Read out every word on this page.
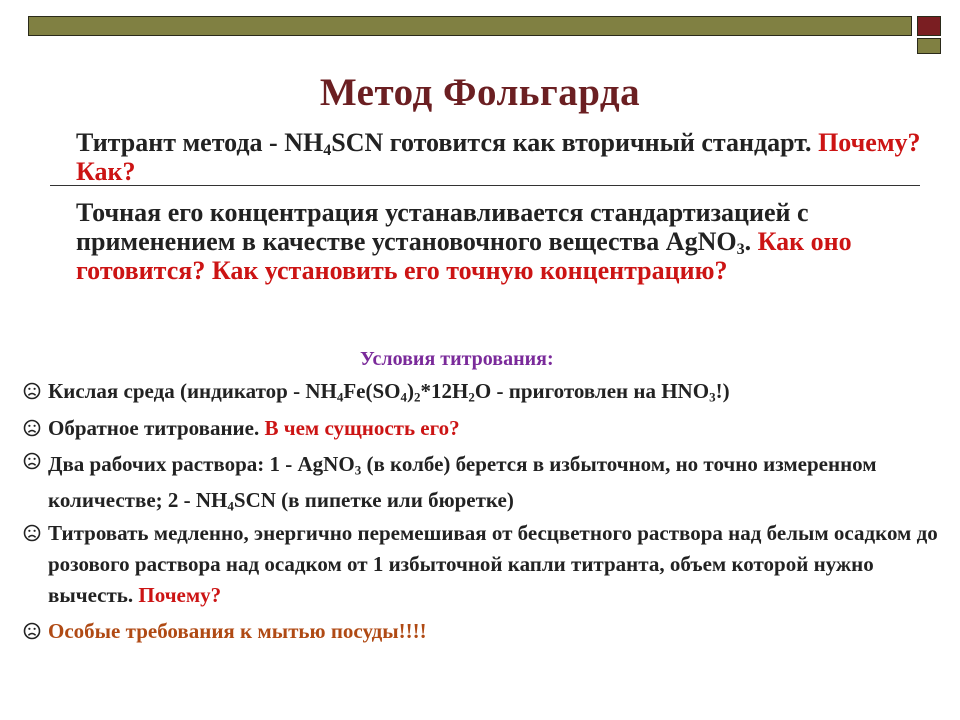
Метод Фольгарда

Титрант метода - $NH_4SCN$ готовится как вторичный стандарт. Почему? Как?

Точная его концентрация устанавливается стандартизацией с применением в качестве установочного вещества AgNO$_3$. Как оно готовится? Как установить его точную концентрацию?

Условия титрования:
Кислая среда (индикатор - $NH_4Fe(SO_4)_2*12H_2O$ - приготовлен на $HNO_3$!)
Обратное титрование. В чем сущность его?
Два рабочих раствора: 1 - AgNO$_3$ (в колбе) берется в избыточном, но точно измеренном количестве; $2 - NH_4SCN$ (в пипетке или бюретке)
Титровать медленно, энергично перемешивая от бесцветного раствора над белым осадком до розового раствора над осадком от 1 избыточной капли титранта, объем которой нужно вычесть. Почему?
Особые требования к мытью посуды!!!!
